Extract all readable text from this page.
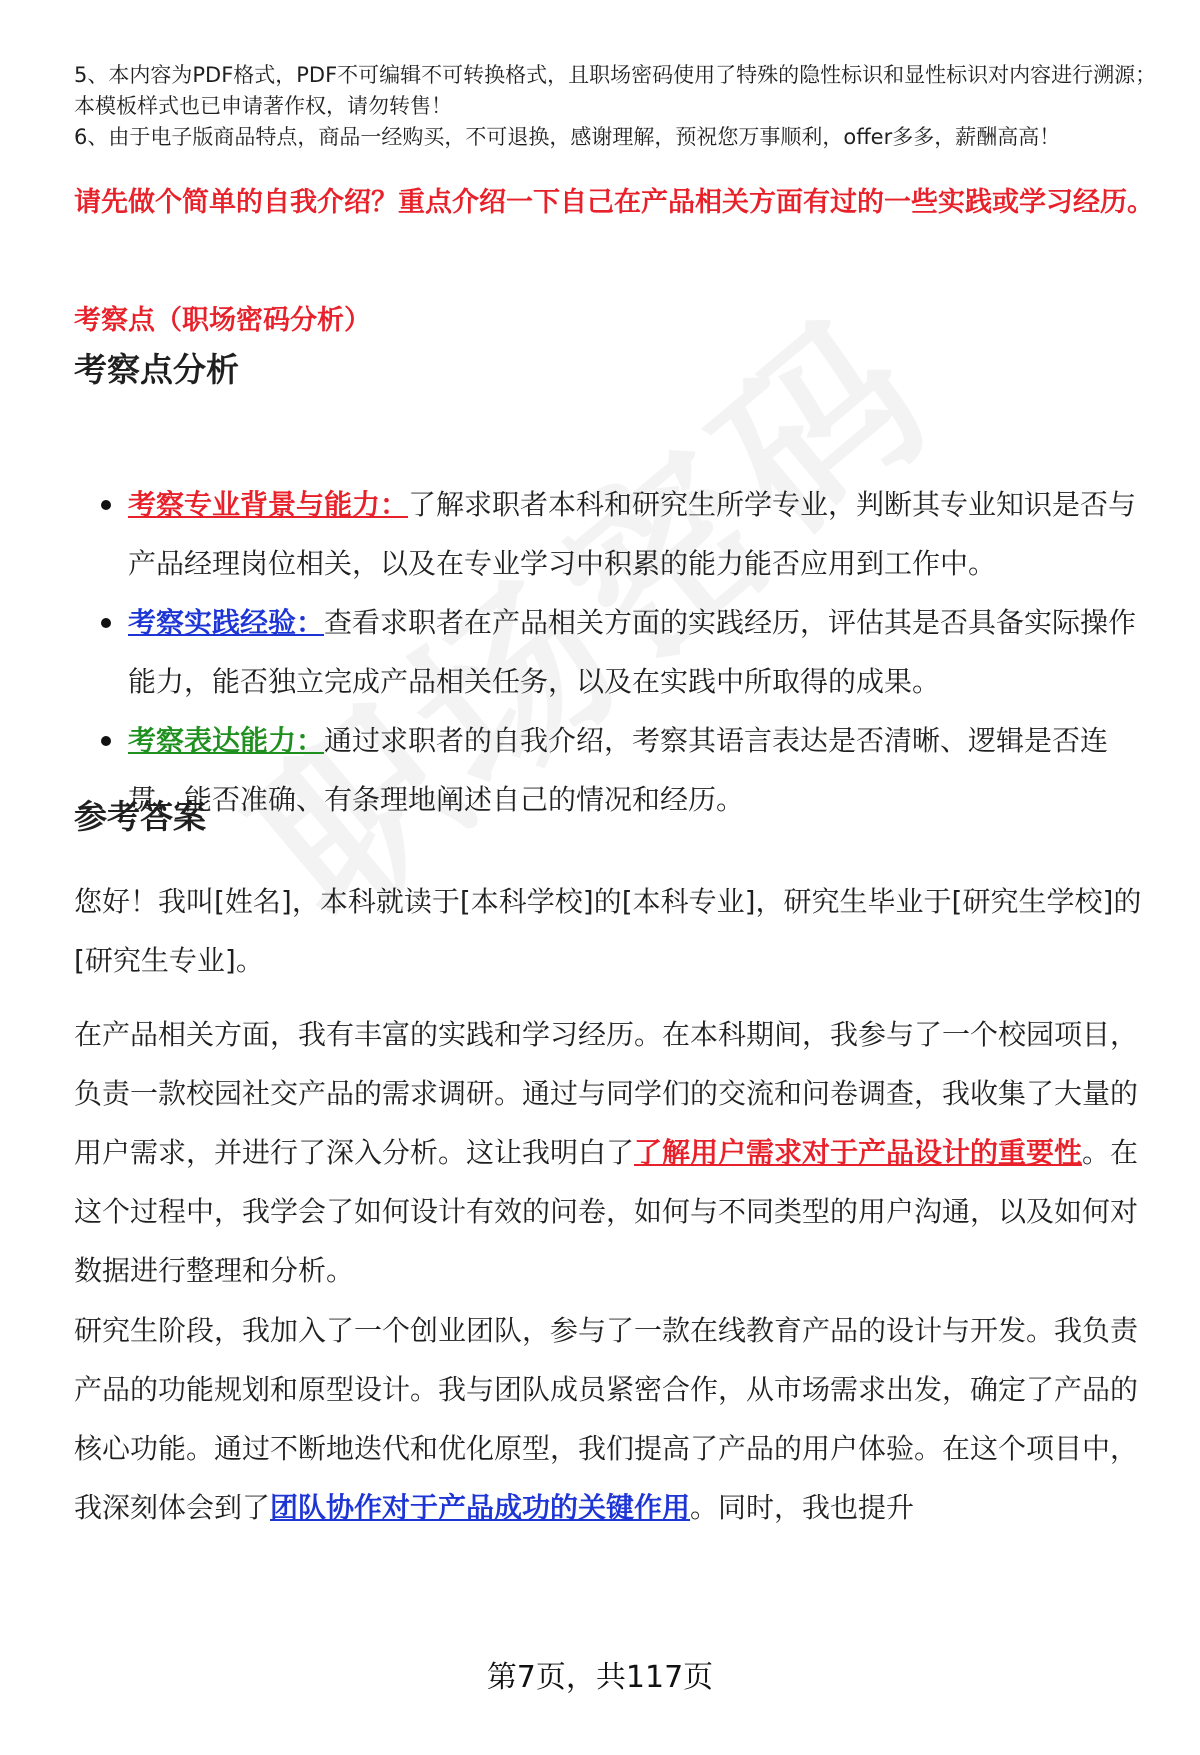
5、本内容为PDF格式，PDF不可编辑不可转换格式，且职场密码使用了特殊的隐性标识和显性标识对内容进行溯源；本模板样式也已申请著作权，请勿转售！

6、由于电子版商品特点，商品一经购买，不可退换，感谢理解，预祝您万事顺利，offer多多，薪酬高高！

请先做个简单的自我介绍？重点介绍一下自己在产品相关方面有过的一些实践或学习经历。

考察点（职场密码分析）

考察点分析
考察专业背景与能力：了解求职者本科和研究生所学专业，判断其专业知识是否与产品经理岗位相关，以及在专业学习中积累的能力能否应用到工作中。
考察实践经验：查看求职者在产品相关方面的实践经历，评估其是否具备实际操作能力，能否独立完成产品相关任务，以及在实践中所取得的成果。
考察表达能力：通过求职者的自我介绍，考察其语言表达是否清晰、逻辑是否连贯，能否准确、有条理地阐述自己的情况和经历。
参考答案

您好！我叫[姓名]，本科就读于[本科学校]的[本科专业]，研究生毕业于[研究生学校]的[研究生专业]。

在产品相关方面，我有丰富的实践和学习经历。在本科期间，我参与了一个校园项目，负责一款校园社交产品的需求调研。通过与同学们的交流和问卷调查，我收集了大量的用户需求，并进行了深入分析。这让我明白了了解用户需求对于产品设计的重要性。在这个过程中，我学会了如何设计有效的问卷，如何与不同类型的用户沟通，以及如何对数据进行整理和分析。

研究生阶段，我加入了一个创业团队，参与了一款在线教育产品的设计与开发。我负责产品的功能规划和原型设计。我与团队成员紧密合作，从市场需求出发，确定了产品的核心功能。通过不断地迭代和优化原型，我们提高了产品的用户体验。在这个项目中，我深刻体会到了团队协作对于产品成功的关键作用。同时，我也提升

第7页，共117页
